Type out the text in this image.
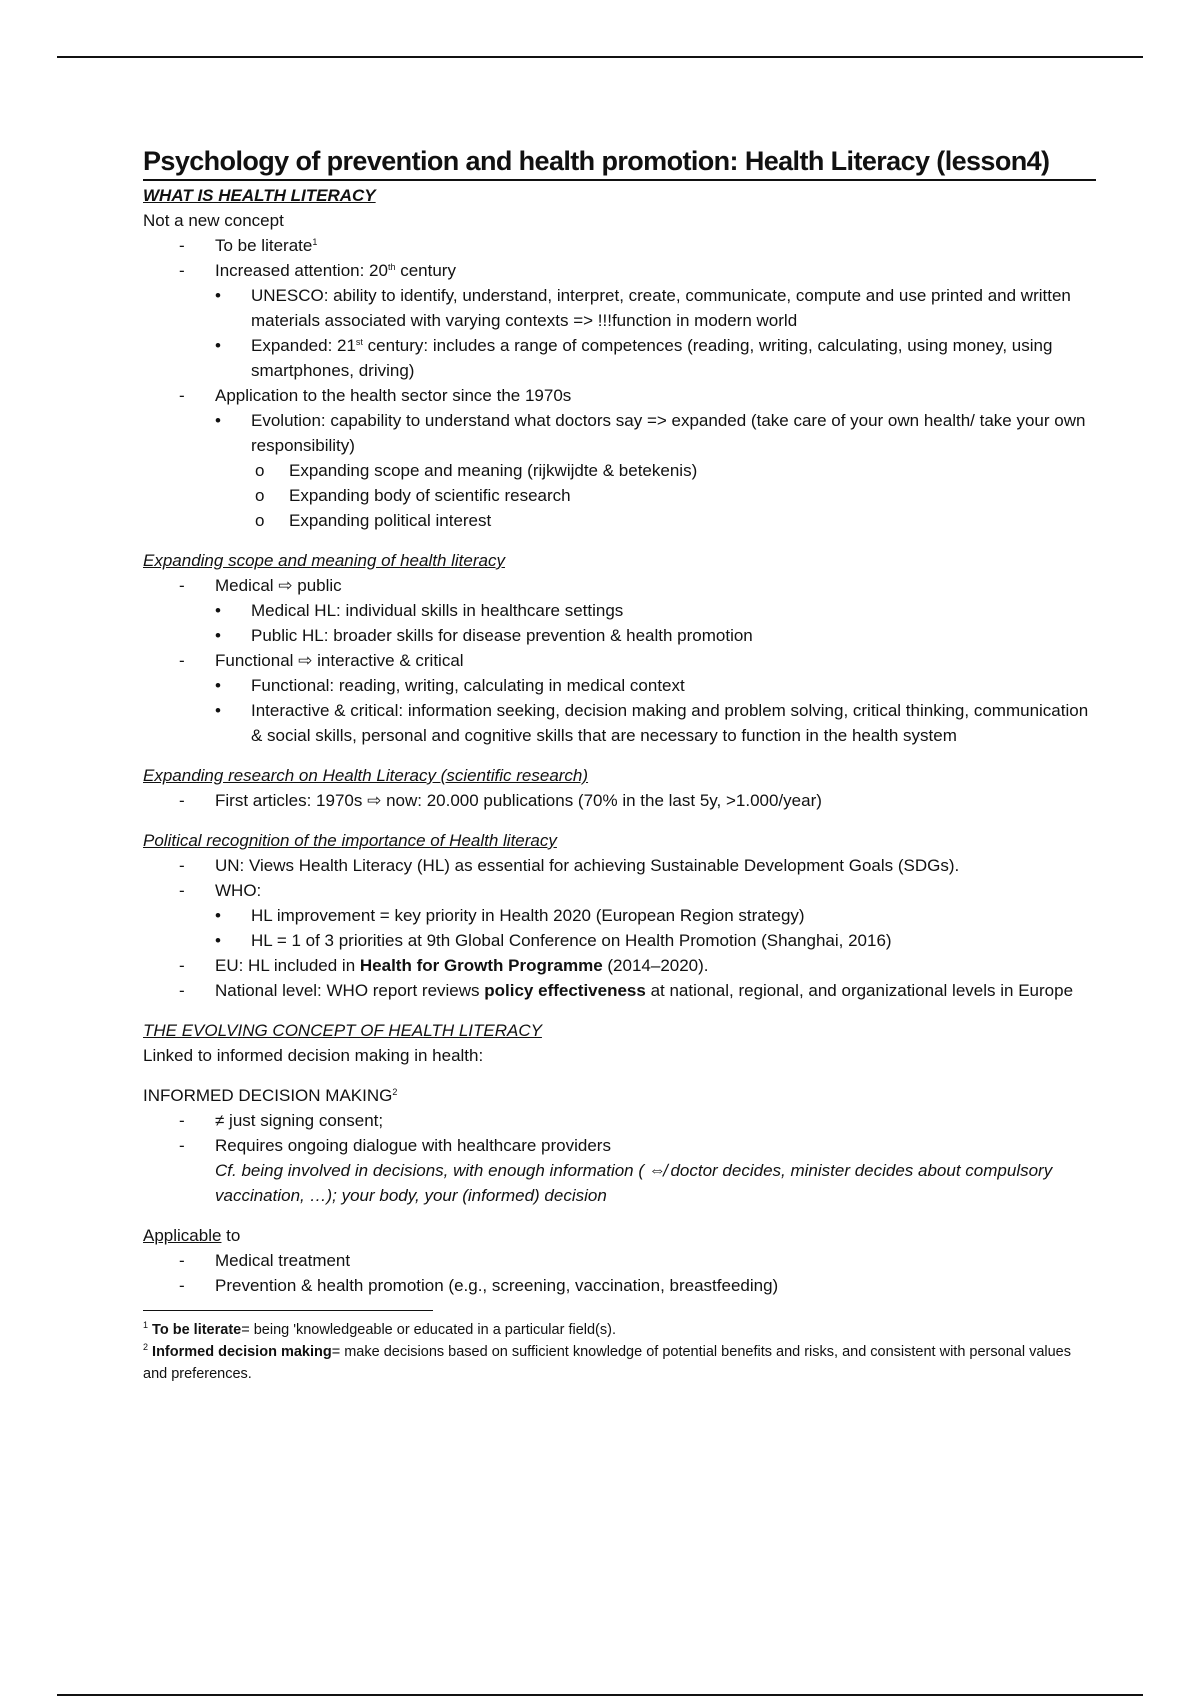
Psychology of prevention and health promotion: Health Literacy (lesson4)

WHAT IS HEALTH LITERACY

Not a new concept

-	To be literate$^1$
-	Increased attention: 20th century
•	UNESCO: ability to identify, understand, interpret, create, communicate, compute and use printed and written materials associated with varying contexts => !!!function in modern world
•	Expanded: 21st century: includes a range of competences (reading, writing, calculating, using money, using smartphones, driving)
-	Application to the health sector since the 1970s
•	Evolution: capability to understand what doctors say => expanded (take care of your own health/ take your own responsibility)
o	Expanding scope and meaning (rijkwijdte & betekenis)
o	Expanding body of scientific research
o	Expanding political interest

Expanding scope and meaning of health literacy

-	Medical ⇨ public
•	Medical HL: individual skills in healthcare settings
•	Public HL: broader skills for disease prevention & health promotion
-	Functional ⇨ interactive & critical
•	Functional: reading, writing, calculating in medical context
•	Interactive & critical: information seeking, decision making and problem solving, critical thinking, communication & social skills, personal and cognitive skills that are necessary to function in the health system

Expanding research on Health Literacy (scientific research)

-	First articles: 1970s ⇨ now: 20.000 publications (70% in the last 5y, >1.000/year)

Political recognition of the importance of Health literacy

-	UN: Views Health Literacy (HL) as essential for achieving Sustainable Development Goals (SDGs).
-	WHO:
•	HL improvement = key priority in Health 2020 (European Region strategy)
•	HL = 1 of 3 priorities at 9th Global Conference on Health Promotion (Shanghai, 2016)
-	EU: HL included in Health for Growth Programme (2014–2020).
-	National level: WHO report reviews policy effectiveness at national, regional, and organizational levels in Europe

THE EVOLVING CONCEPT OF HEALTH LITERACY

Linked to informed decision making in health:

INFORMED DECISION MAKING$^2$

-	≠ just signing consent;
-	Requires ongoing dialogue with healthcare providers
Cf. being involved in decisions, with enough information ( ⇎ doctor decides, minister decides about compulsory vaccination, …); your body, your (informed) decision

Applicable to

-	Medical treatment
-	Prevention & health promotion (e.g., screening, vaccination, breastfeeding)

$^1$ To be literate= being 'knowledgeable or educated in a particular field(s).

$^2$ Informed decision making= make decisions based on sufficient knowledge of potential benefits and risks, and consistent with personal values and preferences.
